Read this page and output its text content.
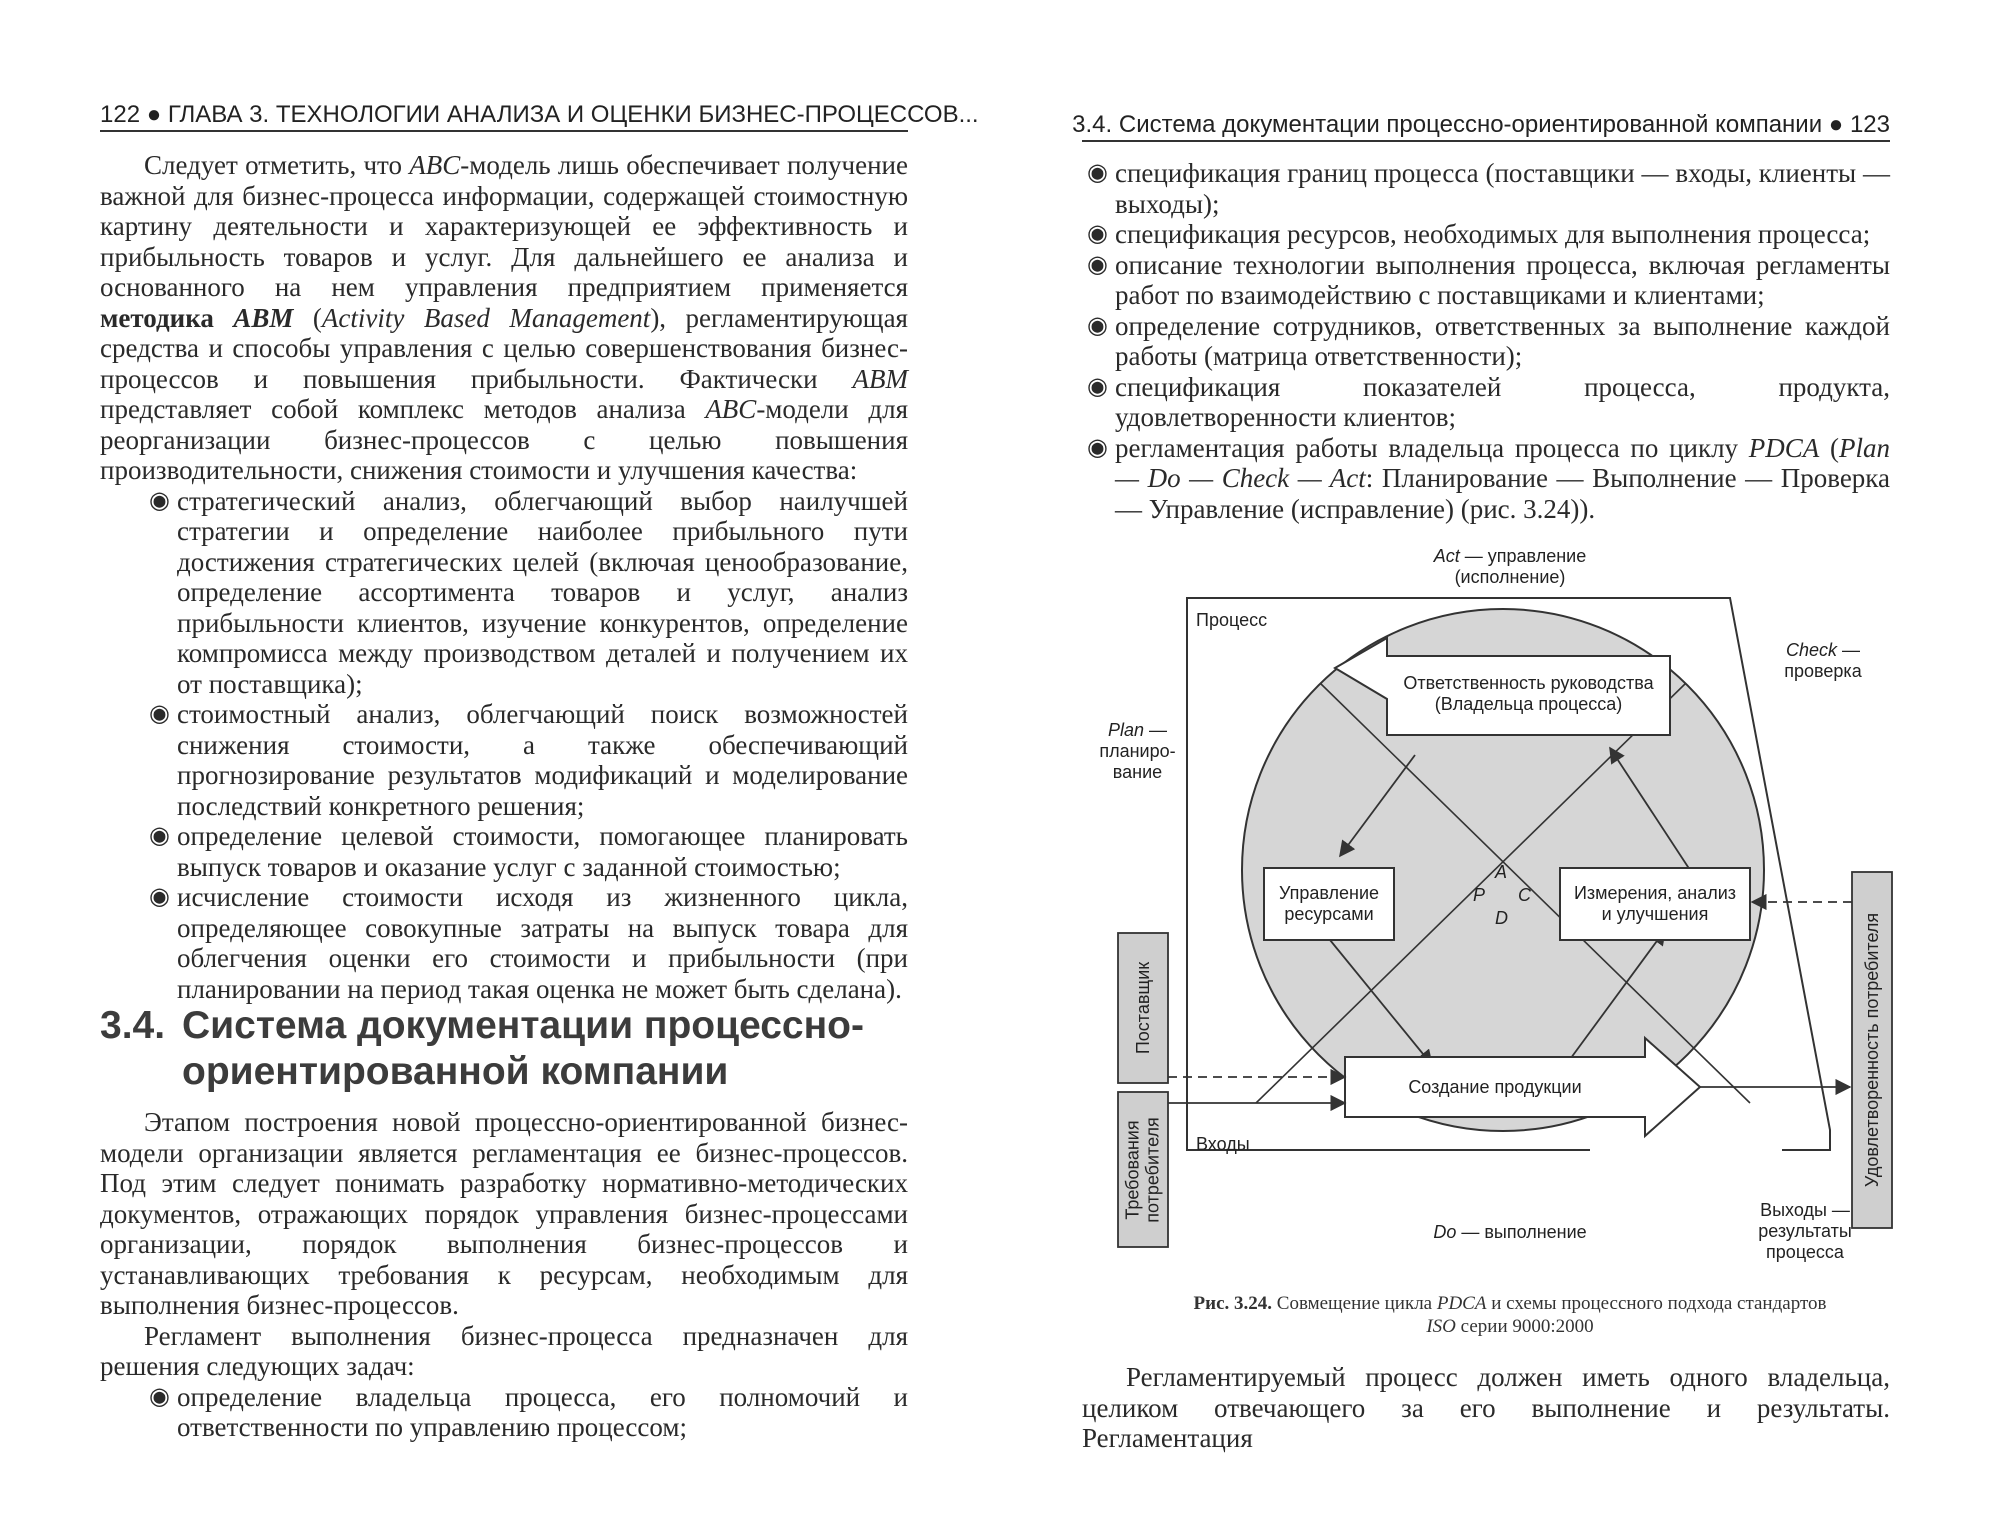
122 ● ГЛАВА 3. ТЕХНОЛОГИИ АНАЛИЗА И ОЦЕНКИ БИЗНЕС-ПРОЦЕССОВ...

Следует отметить, что ABC-модель лишь обеспечивает получение важной для бизнес-процесса информации, содержащей стоимостную картину деятельности и характеризующей ее эффективность и прибыльность товаров и услуг. Для дальнейшего ее анализа и основанного на нем управления предприятием применяется методика ABM (Activity Based Management), регламентирующая средства и способы управления с целью совершенствования бизнес-процессов и повышения прибыльности. Фактически ABM представляет собой комплекс методов анализа ABC-модели для реорганизации бизнес-процессов с целью повышения производительности, снижения стоимости и улучшения качества:

◉ стратегический анализ, облегчающий выбор наилучшей стратегии и определение наиболее прибыльного пути достижения стратегических целей (включая ценообразование, определение ассортимента товаров и услуг, анализ прибыльности клиентов, изучение конкурентов, определение компромисса между производством деталей и получением их от поставщика);
◉ стоимостный анализ, облегчающий поиск возможностей снижения стоимости, а также обеспечивающий прогнозирование результатов модификаций и моделирование последствий конкретного решения;
◉ определение целевой стоимости, помогающее планировать выпуск товаров и оказание услуг с заданной стоимостью;
◉ исчисление стоимости исходя из жизненного цикла, определяющее совокупные затраты на выпуск товара для облегчения оценки его стоимости и прибыльности (при планировании на период такая оценка не может быть сделана).
3.4. Система документации процессно-
ориентированной компании

Этапом построения новой процессно-ориентированной бизнес-модели организации является регламентация ее бизнес-процессов. Под этим следует понимать разработку нормативно-методических документов, отражающих порядок управления бизнес-процессами организации, порядок выполнения бизнес-процессов и устанавливающих требования к ресурсам, необходимым для выполнения бизнес-процессов.

Регламент выполнения бизнес-процесса предназначен для решения следующих задач:

◉ определение владельца процесса, его полномочий и ответственности по управлению процессом;
3.4. Система документации процессно-ориентированной компании ● 123
◉ спецификация границ процесса (поставщики — входы, клиенты — выходы);
◉ спецификация ресурсов, необходимых для выполнения процесса;
◉ описание технологии выполнения процесса, включая регламенты работ по взаимодействию с поставщиками и клиентами;
◉ определение сотрудников, ответственных за выполнение каждой работы (матрица ответственности);
◉ спецификация показателей процесса, продукта, удовлетворенности клиентов;
◉ регламентация работы владельца процесса по циклу PDCA (Plan — Do — Check — Act: Планирование — Выполнение — Проверка — Управление (исправление) (рис. 3.24)).

Регламентируемый процесс должен иметь одного владельца, целиком отвечающего за его выполнение и результаты. Регламентация

Act — управление
(исполнение)
Процесс
Check —
проверка
Plan —
планиро-
вание
Ответственность руководства
(Владельца процесса)
Управление
ресурсами
Измерения, анализ
и улучшения
A
P C
D
Создание продукции
Входы
Do — выполнение
Выходы —
результаты
процесса
Поставщик
Требования
потребителя	Удовлетворенность потребителя
Рис. 3.24. Совмещение цикла PDCA и схемы процессного подхода стандартов ISO серии 9000:2000
